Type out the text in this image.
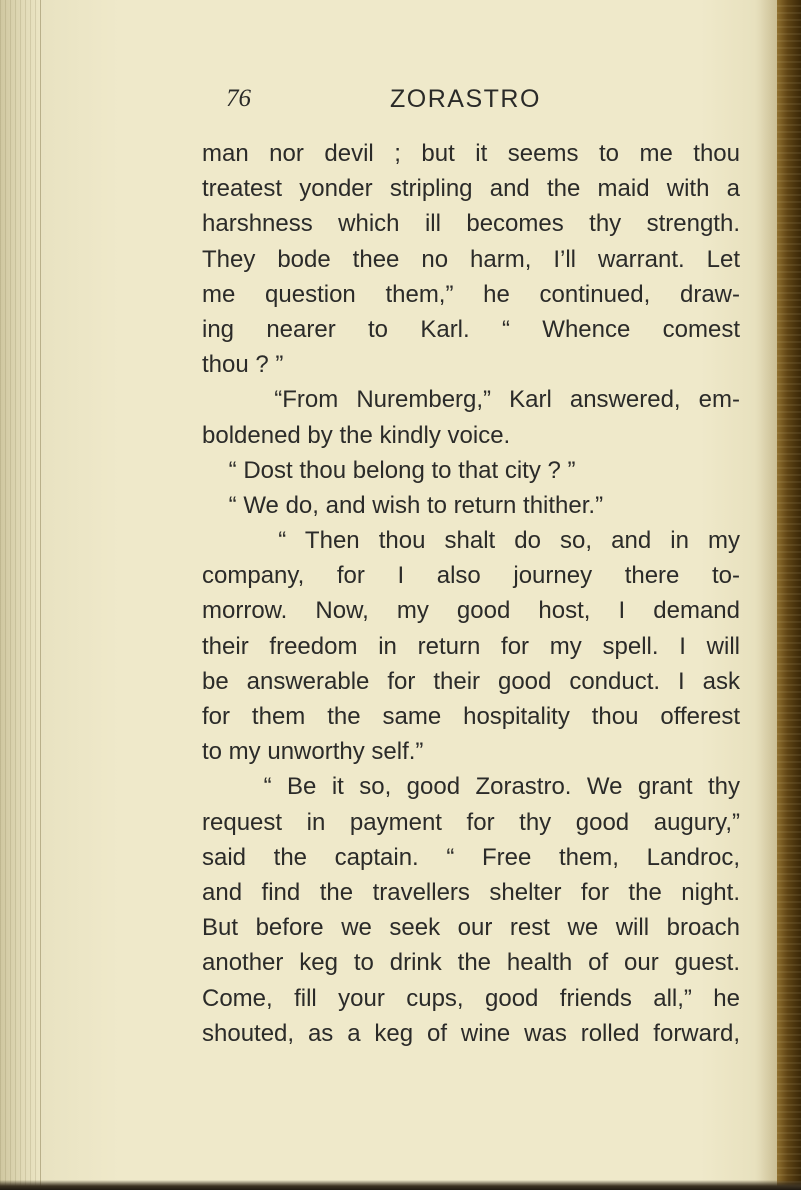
76	ZORASTRO
man nor devil ; but it seems to me thou
treatest yonder stripling and the maid with a
harshness which ill becomes thy strength.
They bode thee no harm, I’ll warrant. Let
me question them,” he continued, draw-
ing nearer to Karl. “ Whence comest
thou ? ”
“From Nuremberg,” Karl answered, em-
boldened by the kindly voice.
“ Dost thou belong to that city ? ”
“ We do, and wish to return thither.”
“ Then thou shalt do so, and in my
company, for I also journey there to-
morrow. Now, my good host, I demand
their freedom in return for my spell. I will
be answerable for their good conduct. I ask
for them the same hospitality thou offerest
to my unworthy self.”
“ Be it so, good Zorastro. We grant thy
request in payment for thy good augury,”
said the captain. “ Free them, Landroc,
and find the travellers shelter for the night.
But before we seek our rest we will broach
another keg to drink the health of our guest.
Come, fill your cups, good friends all,” he
shouted, as a keg of wine was rolled forward,
